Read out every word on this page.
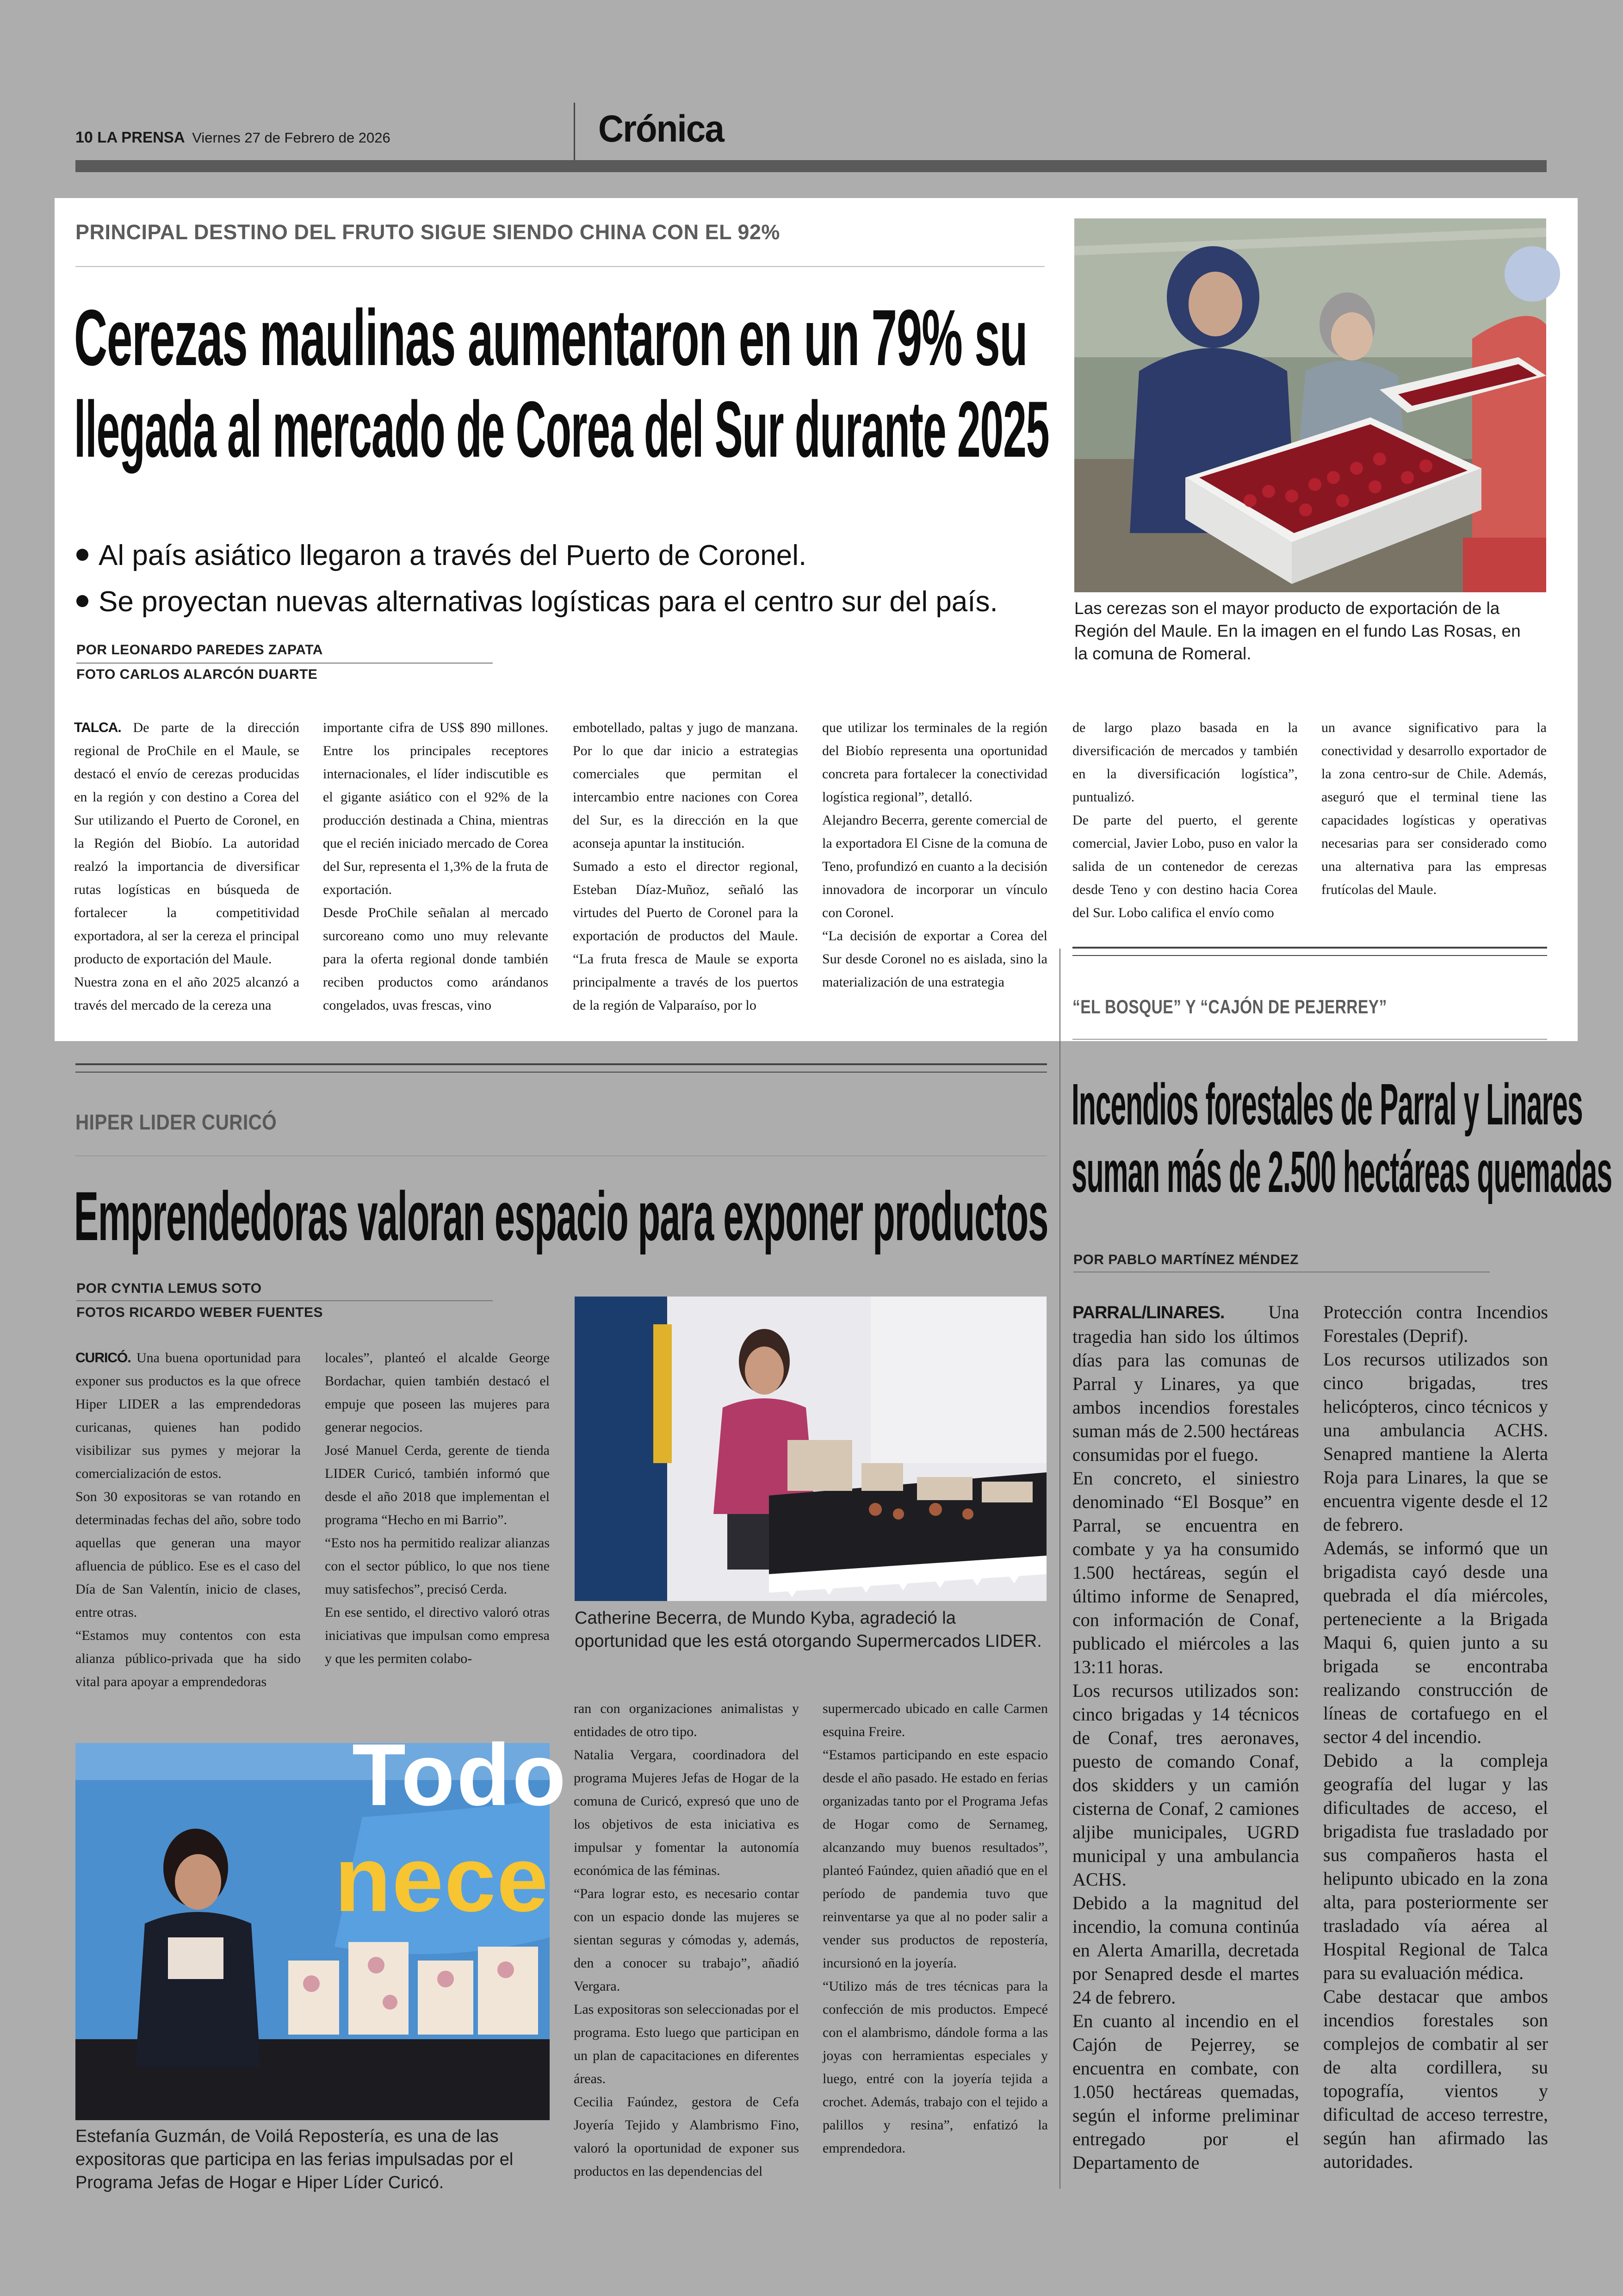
10 LA PRENSA Viernes 27 de Febrero de 2026	Crónica
PRINCIPAL DESTINO DEL FRUTO SIGUE SIENDO CHINA CON EL 92%
Cerezas maulinas aumentaron en un 79% su
llegada al mercado de Corea del Sur durante 2025
Al país asiático llegaron a través del Puerto de Coronel.
Se proyectan nuevas alternativas logísticas para el centro sur del país.
POR LEONARDO PAREDES ZAPATA
FOTO CARLOS ALARCÓN DUARTE
Las cerezas son el mayor producto de exportación de la Región del Maule. En la imagen en el fundo Las Rosas, en la comuna de Romeral.

TALCA. De parte de la dirección regional de ProChile en el Maule, se destacó el envío de cerezas producidas en la región y con destino a Corea del Sur utilizando el Puerto de Coronel, en la Región del Biobío. La autoridad realzó la importancia de diversificar rutas logísticas en búsqueda de fortalecer la competitividad exportadora, al ser la cereza el principal producto de exportación del Maule.

Nuestra zona en el año 2025 alcanzó a través del mercado de la cereza una

importante cifra de US$ 890 millones. Entre los principales receptores internacionales, el líder indiscutible es el gigante asiático con el 92% de la producción destinada a China, mientras que el recién iniciado mercado de Corea del Sur, representa el 1,3% de la fruta de exportación.

Desde ProChile señalan al mercado surcoreano como uno muy relevante para la oferta regional donde también reciben productos como arándanos congelados, uvas frescas, vino

embotellado, paltas y jugo de manzana. Por lo que dar inicio a estrategias comerciales que permitan el intercambio entre naciones con Corea del Sur, es la dirección en la que aconseja apuntar la institución.

Sumado a esto el director regional, Esteban Díaz-Muñoz, señaló las virtudes del Puerto de Coronel para la exportación de productos del Maule. “La fruta fresca de Maule se exporta principalmente a través de los puertos de la región de Valparaíso, por lo

que utilizar los terminales de la región del Biobío representa una oportunidad concreta para fortalecer la conectividad logística regional”, detalló.

Alejandro Becerra, gerente comercial de la exportadora El Cisne de la comuna de Teno, profundizó en cuanto a la decisión innovadora de incorporar un vínculo con Coronel.

“La decisión de exportar a Corea del Sur desde Coronel no es aislada, sino la materialización de una estrategia

de largo plazo basada en la diversificación de mercados y también en la diversificación logística”, puntualizó.

De parte del puerto, el gerente comercial, Javier Lobo, puso en valor la salida de un contenedor de cerezas desde Teno y con destino hacia Corea del Sur. Lobo califica el envío como

un avance significativo para la conectividad y desarrollo exportador de la zona centro-sur de Chile. Además, aseguró que el terminal tiene las capacidades logísticas y operativas necesarias para ser considerado como una alternativa para las empresas frutícolas del Maule.

“EL BOSQUE” Y “CAJÓN DE PEJERREY”
Incendios forestales de Parral y Linares
suman más de 2.500 hectáreas quemadas
POR PABLO MARTÍNEZ MÉNDEZ

PARRAL/LINARES. Una tragedia han sido los últimos días para las comunas de Parral y Linares, ya que ambos incendios forestales suman más de 2.500 hectáreas consumidas por el fuego.

En concreto, el siniestro denominado “El Bosque” en Parral, se encuentra en combate y ya ha consumido 1.500 hectáreas, según el último informe de Senapred, con información de Conaf, publicado el miércoles a las 13:11 horas.

Los recursos utilizados son: cinco brigadas y 14 técnicos de Conaf, tres aeronaves, puesto de comando Conaf, dos skidders y un camión cisterna de Conaf, 2 camiones aljibe municipales, UGRD municipal y una ambulancia ACHS.

Debido a la magnitud del incendio, la comuna continúa en Alerta Amarilla, decretada por Senapred desde el martes 24 de febrero.

En cuanto al incendio en el Cajón de Pejerrey, se encuentra en combate, con 1.050 hectáreas quemadas, según el informe preliminar entregado por el Departamento de

Protección contra Incendios Forestales (Deprif).

Los recursos utilizados son cinco brigadas, tres helicópteros, cinco técnicos y una ambulancia ACHS. Senapred mantiene la Alerta Roja para Linares, la que se encuentra vigente desde el 12 de febrero.

Además, se informó que un brigadista cayó desde una quebrada el día miércoles, perteneciente a la Brigada Maqui 6, quien junto a su brigada se encontraba realizando construcción de líneas de cortafuego en el sector 4 del incendio.

Debido a la compleja geografía del lugar y las dificultades de acceso, el brigadista fue trasladado por sus compañeros hasta el helipunto ubicado en la zona alta, para posteriormente ser trasladado vía aérea al Hospital Regional de Talca para su evaluación médica.

Cabe destacar que ambos incendios forestales son complejos de combatir al ser de alta cordillera, su topografía, vientos y dificultad de acceso terrestre, según han afirmado las autoridades.

HIPER LIDER CURICÓ
Emprendedoras valoran espacio para exponer productos
POR CYNTIA LEMUS SOTO
FOTOS RICARDO WEBER FUENTES
Catherine Becerra, de Mundo Kyba, agradeció la oportunidad que les está otorgando Supermercados LIDER.
Todo
nece
Estefanía Guzmán, de Voilá Repostería, es una de las expositoras que participa en las ferias impulsadas por el Programa Jefas de Hogar e Hiper Líder Curicó.

CURICÓ. Una buena oportunidad para exponer sus productos es la que ofrece Hiper LIDER a las emprendedoras curicanas, quienes han podido visibilizar sus pymes y mejorar la comercialización de estos.

Son 30 expositoras se van rotando en determinadas fechas del año, sobre todo aquellas que generan una mayor afluencia de público. Ese es el caso del Día de San Valentín, inicio de clases, entre otras.

“Estamos muy contentos con esta alianza público-privada que ha sido vital para apoyar a emprendedoras

locales”, planteó el alcalde George Bordachar, quien también destacó el empuje que poseen las mujeres para generar negocios.

José Manuel Cerda, gerente de tienda LIDER Curicó, también informó que desde el año 2018 que implementan el programa “Hecho en mi Barrio”.

“Esto nos ha permitido realizar alianzas con el sector público, lo que nos tiene muy satisfechos”, precisó Cerda.

En ese sentido, el directivo valoró otras iniciativas que impulsan como empresa y que les permiten colabo-

ran con organizaciones animalistas y entidades de otro tipo.

Natalia Vergara, coordinadora del programa Mujeres Jefas de Hogar de la comuna de Curicó, expresó que uno de los objetivos de esta iniciativa es impulsar y fomentar la autonomía económica de las féminas.

“Para lograr esto, es necesario contar con un espacio donde las mujeres se sientan seguras y cómodas y, además, den a conocer su trabajo”, añadió Vergara.

Las expositoras son seleccionadas por el programa. Esto luego que participan en un plan de capacitaciones en diferentes áreas.

Cecilia Faúndez, gestora de Cefa Joyería Tejido y Alambrismo Fino, valoró la oportunidad de exponer sus productos en las dependencias del

supermercado ubicado en calle Carmen esquina Freire.

“Estamos participando en este espacio desde el año pasado. He estado en ferias organizadas tanto por el Programa Jefas de Hogar como de Sernameg, alcanzando muy buenos resultados”, planteó Faúndez, quien añadió que en el período de pandemia tuvo que reinventarse ya que al no poder salir a vender sus productos de repostería, incursionó en la joyería.

“Utilizo más de tres técnicas para la confección de mis productos. Empecé con el alambrismo, dándole forma a las joyas con herramientas especiales y luego, entré con la joyería tejida a crochet. Además, trabajo con el tejido a palillos y resina”, enfatizó la emprendedora.
